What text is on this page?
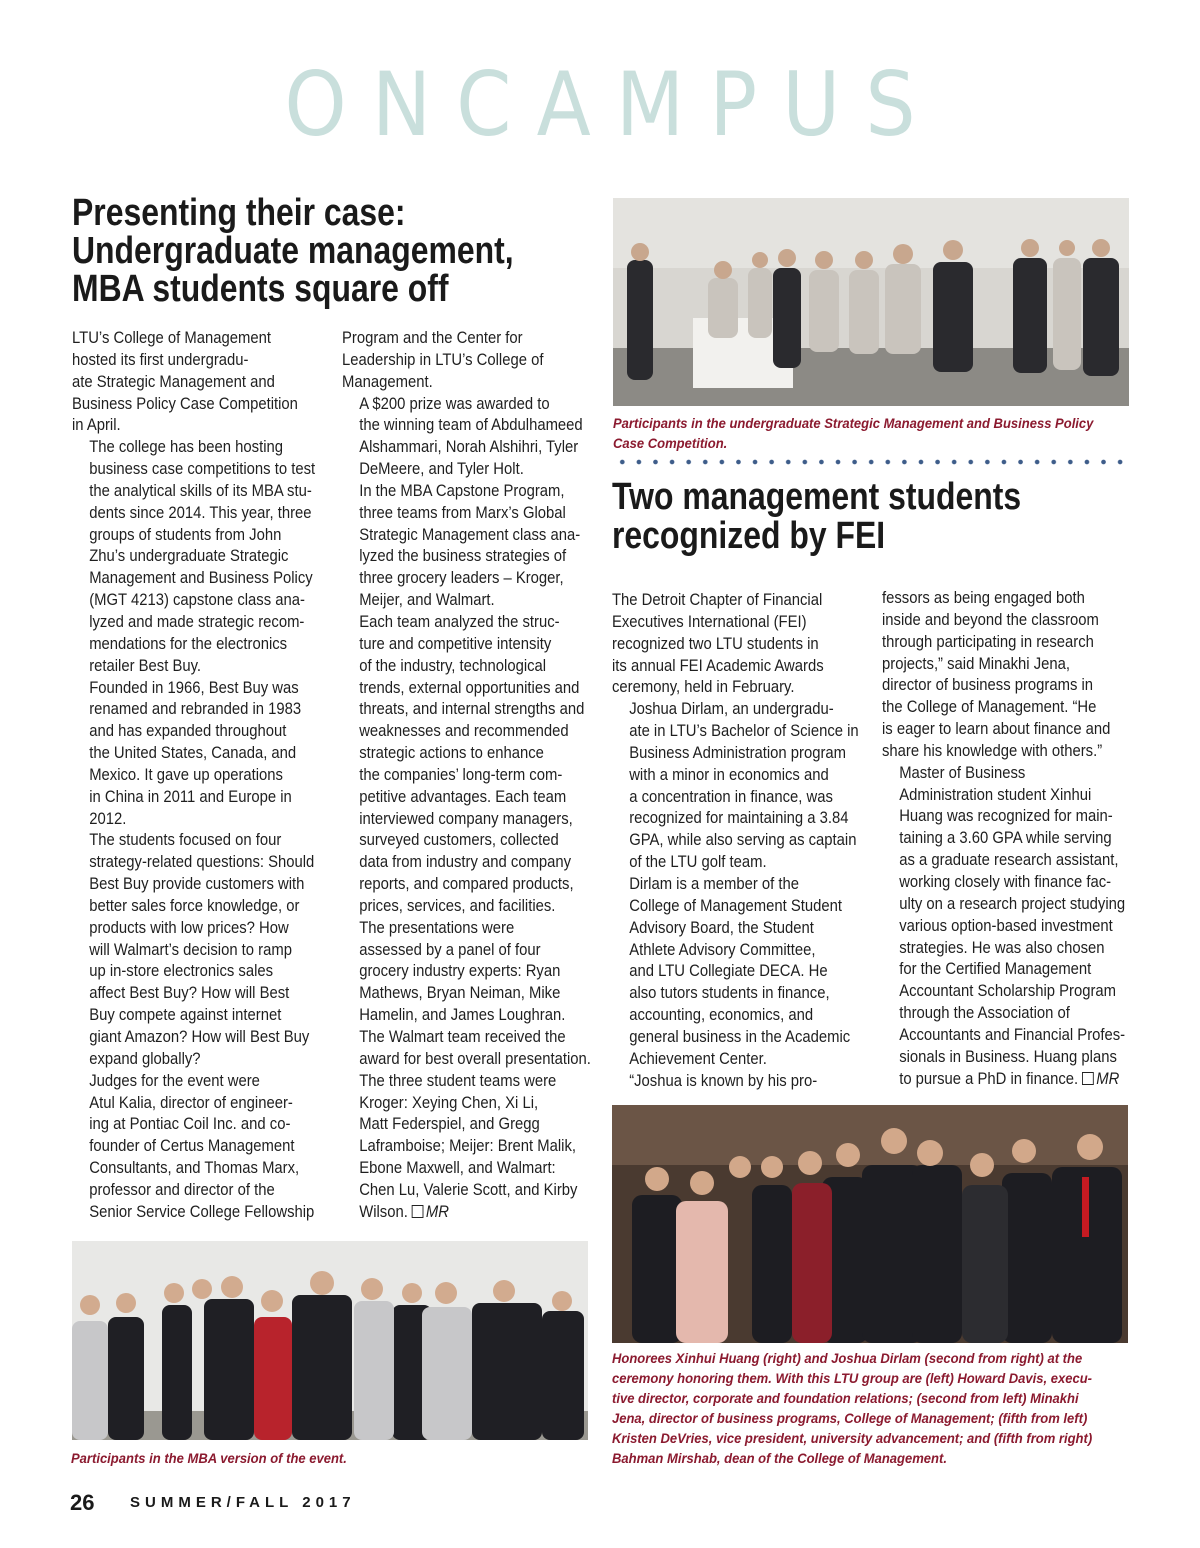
O N C A M P U S
Presenting their case:
Undergraduate management,
MBA students square off

LTU’s College of Management
hosted its first undergradu-
ate Strategic Management and
Business Policy Case Competition
in April.

The college has been hosting
business case competitions to test
the analytical skills of its MBA stu-
dents since 2014. This year, three
groups of students from John
Zhu’s undergraduate Strategic
Management and Business Policy
(MGT 4213) capstone class ana-
lyzed and made strategic recom-
mendations for the electronics
retailer Best Buy.

Founded in 1966, Best Buy was
renamed and rebranded in 1983
and has expanded throughout
the United States, Canada, and
Mexico. It gave up operations
in China in 2011 and Europe in
2012.

The students focused on four
strategy-related questions: Should
Best Buy provide customers with
better sales force knowledge, or
products with low prices? How
will Walmart’s decision to ramp
up in-store electronics sales
affect Best Buy? How will Best
Buy compete against internet
giant Amazon? How will Best Buy
expand globally?

Judges for the event were
Atul Kalia, director of engineer-
ing at Pontiac Coil Inc. and co-
founder of Certus Management
Consultants, and Thomas Marx,
professor and director of the
Senior Service College Fellowship

Program and the Center for
Leadership in LTU’s College of
Management.

A $200 prize was awarded to
the winning team of Abdulhameed
Alshammari, Norah Alshihri, Tyler
DeMeere, and Tyler Holt.

In the MBA Capstone Program,
three teams from Marx’s Global
Strategic Management class ana-
lyzed the business strategies of
three grocery leaders – Kroger,
Meijer, and Walmart.

Each team analyzed the struc-
ture and competitive intensity
of the industry, technological
trends, external opportunities and
threats, and internal strengths and
weaknesses and recommended
strategic actions to enhance
the companies’ long-term com-
petitive advantages. Each team
interviewed company managers,
surveyed customers, collected
data from industry and company
reports, and compared products,
prices, services, and facilities.

The presentations were
assessed by a panel of four
grocery industry experts: Ryan
Mathews, Bryan Neiman, Mike
Hamelin, and James Loughran.
The Walmart team received the
award for best overall presentation.

The three student teams were
Kroger: Xeying Chen, Xi Li,
Matt Federspiel, and Gregg
Laframboise; Meijer: Brent Malik,
Ebone Maxwell, and Walmart:
Chen Lu, Valerie Scott, and Kirby
Wilson. MR

Participants in the undergraduate Strategic Management and Business Policy
Case Competition.
Two management students
recognized by FEI

The Detroit Chapter of Financial
Executives International (FEI)
recognized two LTU students in
its annual FEI Academic Awards
ceremony, held in February.

Joshua Dirlam, an undergradu-
ate in LTU’s Bachelor of Science in
Business Administration program
with a minor in economics and
a concentration in finance, was
recognized for maintaining a 3.84
GPA, while also serving as captain
of the LTU golf team.

Dirlam is a member of the
College of Management Student
Advisory Board, the Student
Athlete Advisory Committee,
and LTU Collegiate DECA. He
also tutors students in finance,
accounting, economics, and
general business in the Academic
Achievement Center.

“Joshua is known by his pro-

fessors as being engaged both
inside and beyond the classroom
through participating in research
projects,” said Minakhi Jena,
director of business programs in
the College of Management. “He
is eager to learn about finance and
share his knowledge with others.”

Master of Business
Administration student Xinhui
Huang was recognized for main-
taining a 3.60 GPA while serving
as a graduate research assistant,
working closely with finance fac-
ulty on a research project studying
various option-based investment
strategies. He was also chosen
for the Certified Management
Accountant Scholarship Program
through the Association of
Accountants and Financial Profes-
sionals in Business. Huang plans
to pursue a PhD in finance. MR

Honorees Xinhui Huang (right) and Joshua Dirlam (second from right) at the
ceremony honoring them. With this LTU group are (left) Howard Davis, execu-
tive director, corporate and foundation relations; (second from left) Minakhi
Jena, director of business programs, College of Management; (fifth from left)
Kristen DeVries, vice president, university advancement; and (fifth from right)
Bahman Mirshab, dean of the College of Management.
Participants in the MBA version of the event.
26 SUMMER/FALL 2017
